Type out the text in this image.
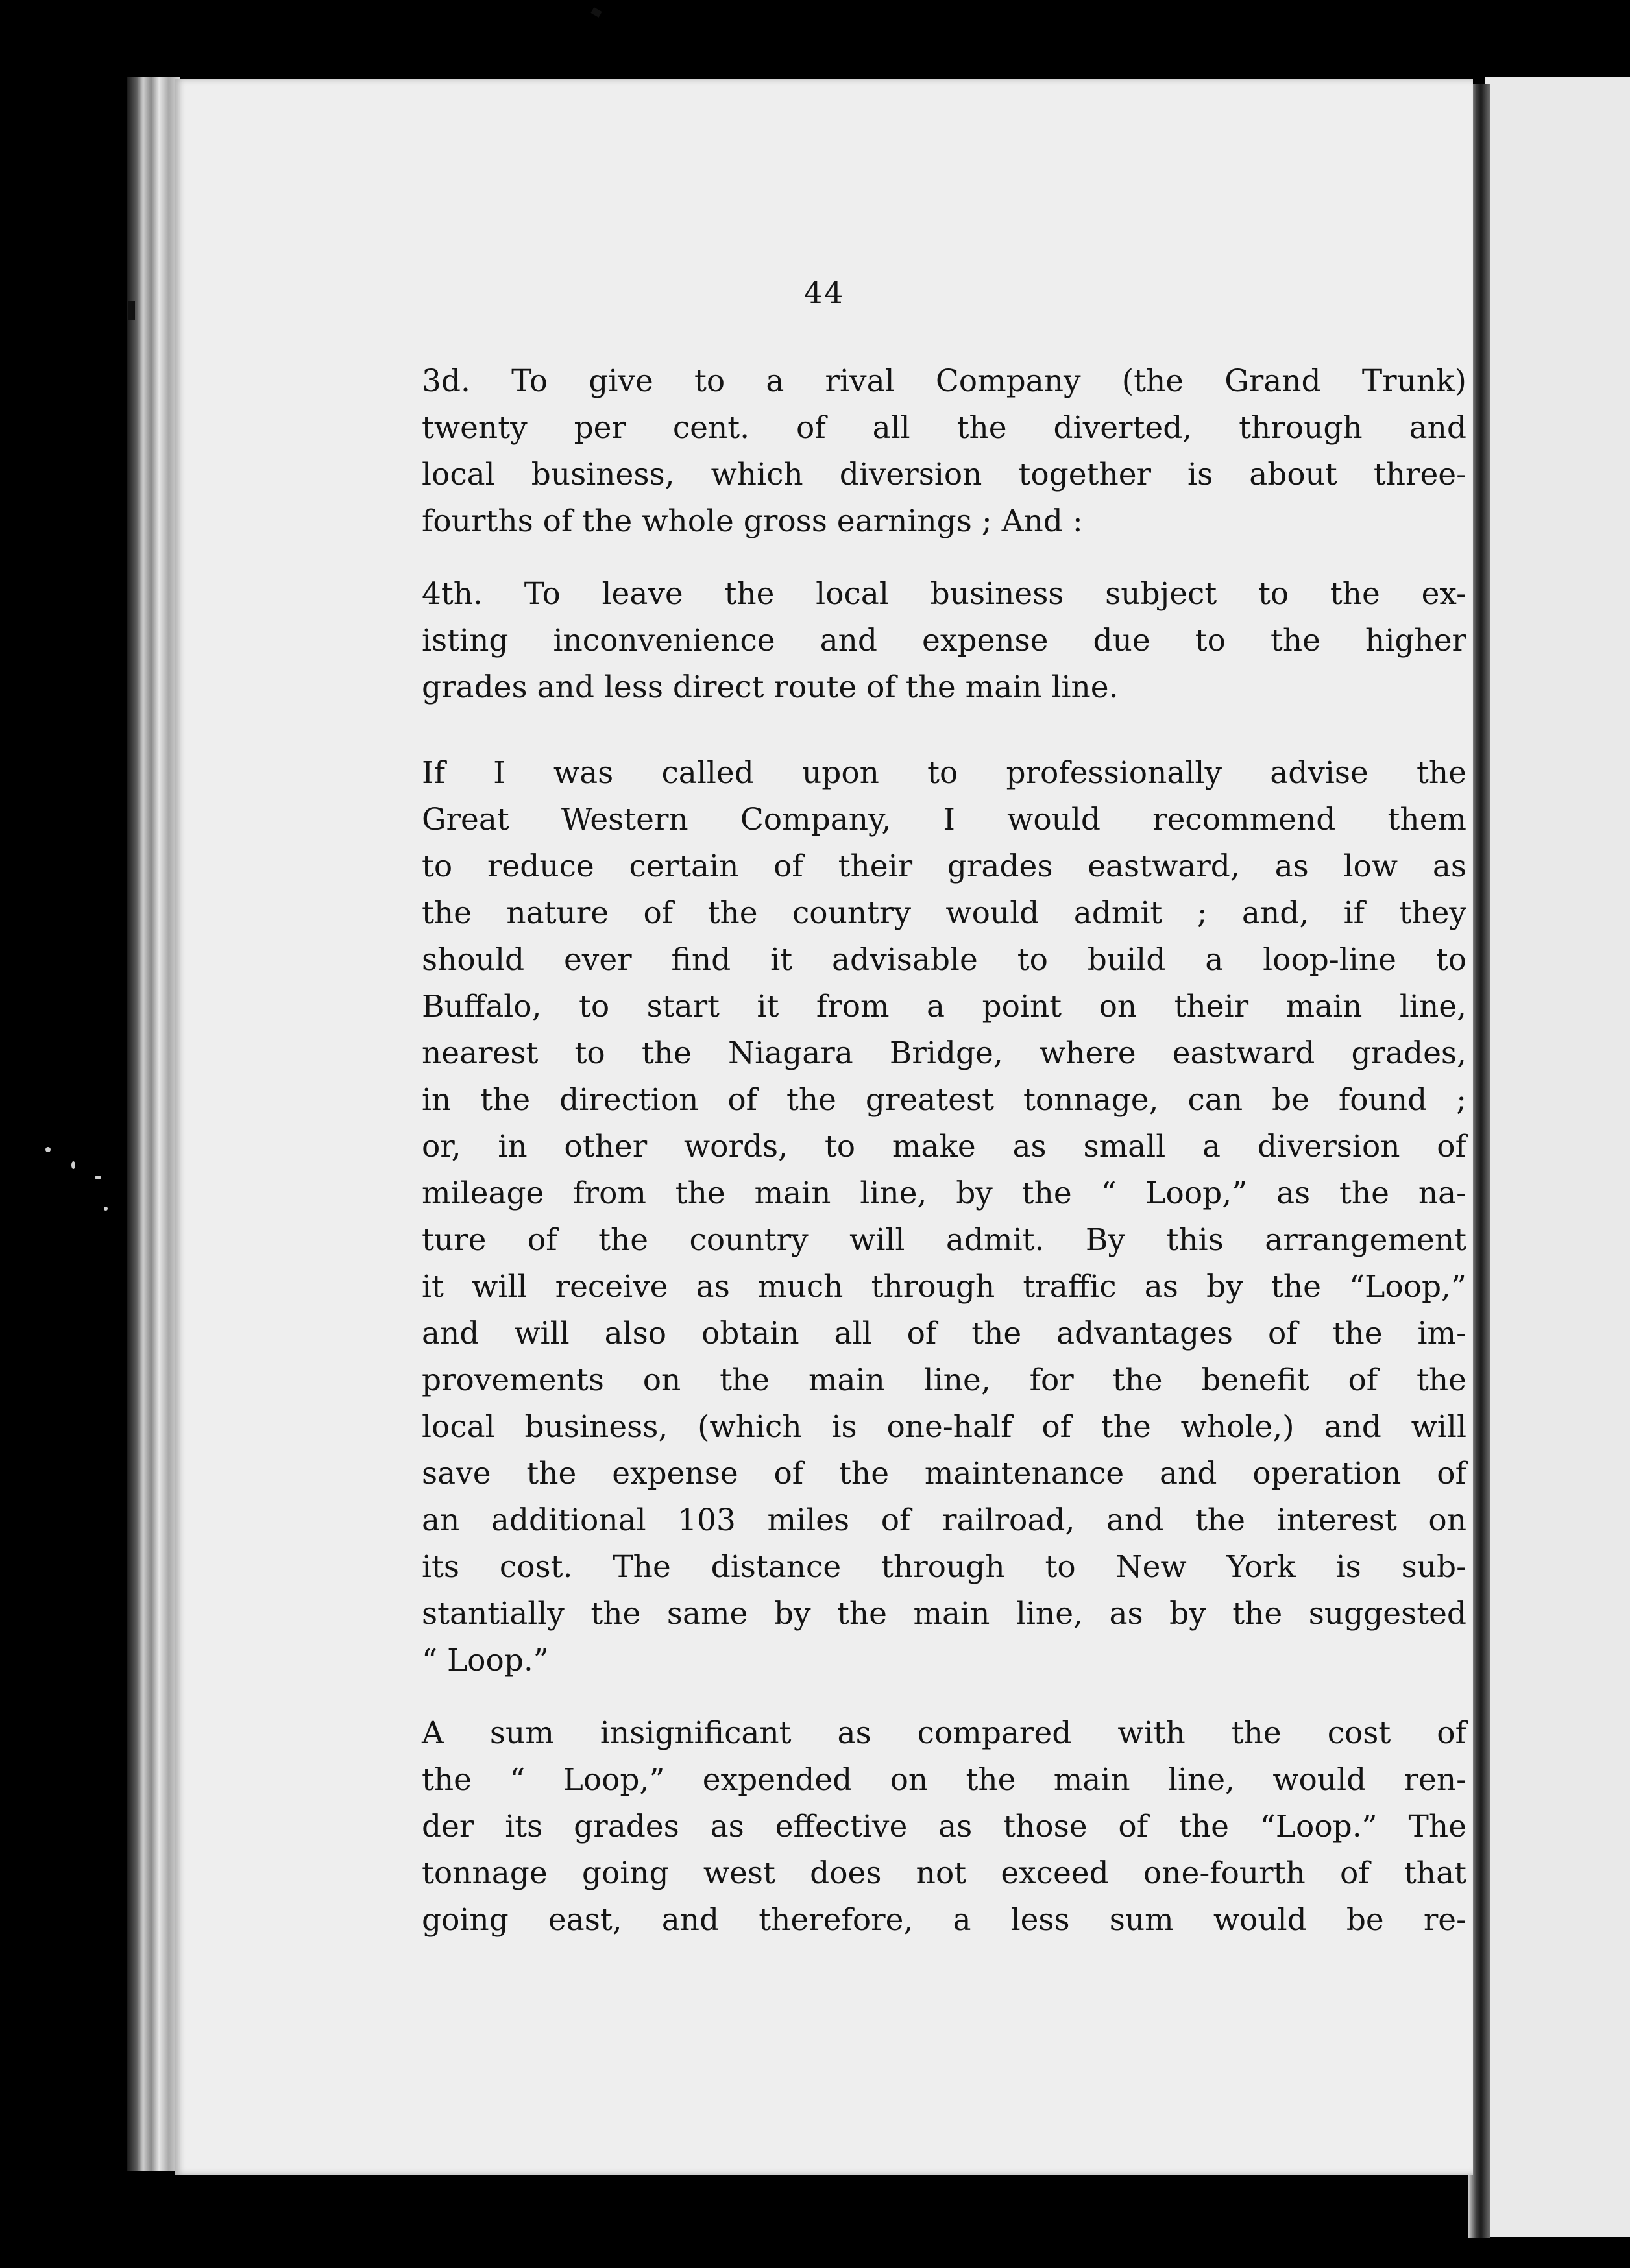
44
3d. To give to a rival Company (the Grand Trunk)
twenty per cent. of all the diverted, through and
local business, which diversion together is about three-
fourths of the whole gross earnings ; And :
4th. To leave the local business subject to the ex-
isting inconvenience and expense due to the higher
grades and less direct route of the main line.
If I was called upon to professionally advise the
Great Western Company, I would recommend them
to reduce certain of their grades eastward, as low as
the nature of the country would admit ; and, if they
should ever find it advisable to build a loop-line to
Buffalo, to start it from a point on their main line,
nearest to the Niagara Bridge, where eastward grades,
in the direction of the greatest tonnage, can be found ;
or, in other words, to make as small a diversion of
mileage from the main line, by the “ Loop,” as the na-
ture of the country will admit. By this arrangement
it will receive as much through traffic as by the “Loop,”
and will also obtain all of the advantages of the im-
provements on the main line, for the benefit of the
local business, (which is one-half of the whole,) and will
save the expense of the maintenance and operation of
an additional 103 miles of railroad, and the interest on
its cost. The distance through to New York is sub-
stantially the same by the main line, as by the suggested
“ Loop.”
A sum insignificant as compared with the cost of
the “ Loop,” expended on the main line, would ren-
der its grades as effective as those of the “Loop.” The
tonnage going west does not exceed one-fourth of that
going east, and therefore, a less sum would be re-
